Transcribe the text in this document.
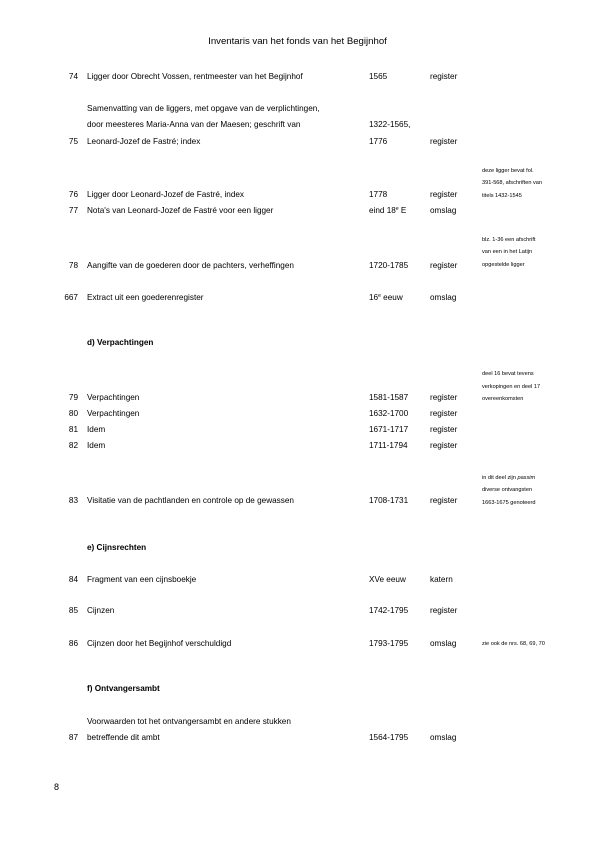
Inventaris van het fonds van het Begijnhof
74 Ligger door Obrecht Vossen, rentmeester van het Begijnhof	1565	register
Samenvatting van de liggers, met opgave van de verplichtingen,
door meesteres Maria-Anna van der Maesen; geschrift van	1322-1565,
75 Leonard-Jozef de Fastré; index	1776	register
deze ligger bevat fol.
391-568, afschriften van
titels 1432-1545
76 Ligger door Leonard-Jozef de Fastré, index	1778	register
77 Nota's van Leonard-Jozef de Fastré voor een ligger	eind 18e E	omslag
blz. 1-36 een afschrift
van een in het Latijn
opgestelde ligger
78 Aangifte van de goederen door de pachters, verheffingen	1720-1785	register
667 Extract uit een goederenregister	16e eeuw	omslag
d) Verpachtingen
deel 16 bevat tevens
verkopingen en deel 17
overeenkomsten
79 Verpachtingen	1581-1587	register
80 Verpachtingen	1632-1700	register
81 Idem	1671-1717	register
82 Idem	1711-1794	register
in dit deel zijn passim
diverse ontvangsten
1663-1675 genoteerd
83 Visitatie van de pachtlanden en controle op de gewassen	1708-1731	register
e) Cijnsrechten
84 Fragment van een cijnsboekje	XVe eeuw	katern
85 Cijnzen	1742-1795	register
86 Cijnzen door het Begijnhof verschuldigd	1793-1795	omslag	zie ook de nrs. 68, 69, 70
f) Ontvangersambt
Voorwaarden tot het ontvangersambt en andere stukken
87 betreffende dit ambt	1564-1795	omslag
8
